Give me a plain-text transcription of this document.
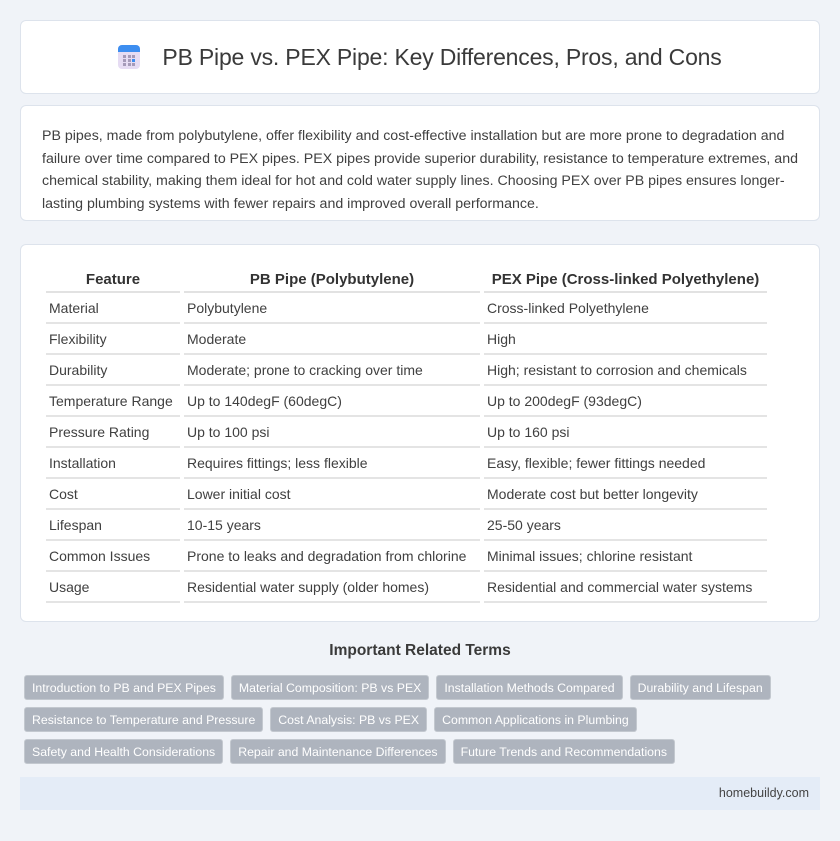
PB Pipe vs. PEX Pipe: Key Differences, Pros, and Cons

PB pipes, made from polybutylene, offer flexibility and cost-effective installation but are more prone to degradation and failure over time compared to PEX pipes. PEX pipes provide superior durability, resistance to temperature extremes, and chemical stability, making them ideal for hot and cold water supply lines. Choosing PEX over PB pipes ensures longer-lasting plumbing systems with fewer repairs and improved overall performance.

Feature	PB Pipe (Polybutylene)	PEX Pipe (Cross-linked Polyethylene)
Material	Polybutylene	Cross-linked Polyethylene
Flexibility	Moderate	High
Durability	Moderate; prone to cracking over time	High; resistant to corrosion and chemicals
Temperature Range	Up to 140degF (60degC)	Up to 200degF (93degC)
Pressure Rating	Up to 100 psi	Up to 160 psi
Installation	Requires fittings; less flexible	Easy, flexible; fewer fittings needed
Cost	Lower initial cost	Moderate cost but better longevity
Lifespan	10-15 years	25-50 years
Common Issues	Prone to leaks and degradation from chlorine	Minimal issues; chlorine resistant
Usage	Residential water supply (older homes)	Residential and commercial water systems
Important Related Terms
Introduction to PB and PEX Pipes	Material Composition: PB vs PEX	Installation Methods Compared	Durability and Lifespan
Resistance to Temperature and Pressure	Cost Analysis: PB vs PEX	Common Applications in Plumbing
Safety and Health Considerations	Repair and Maintenance Differences	Future Trends and Recommendations
homebuildy.com
